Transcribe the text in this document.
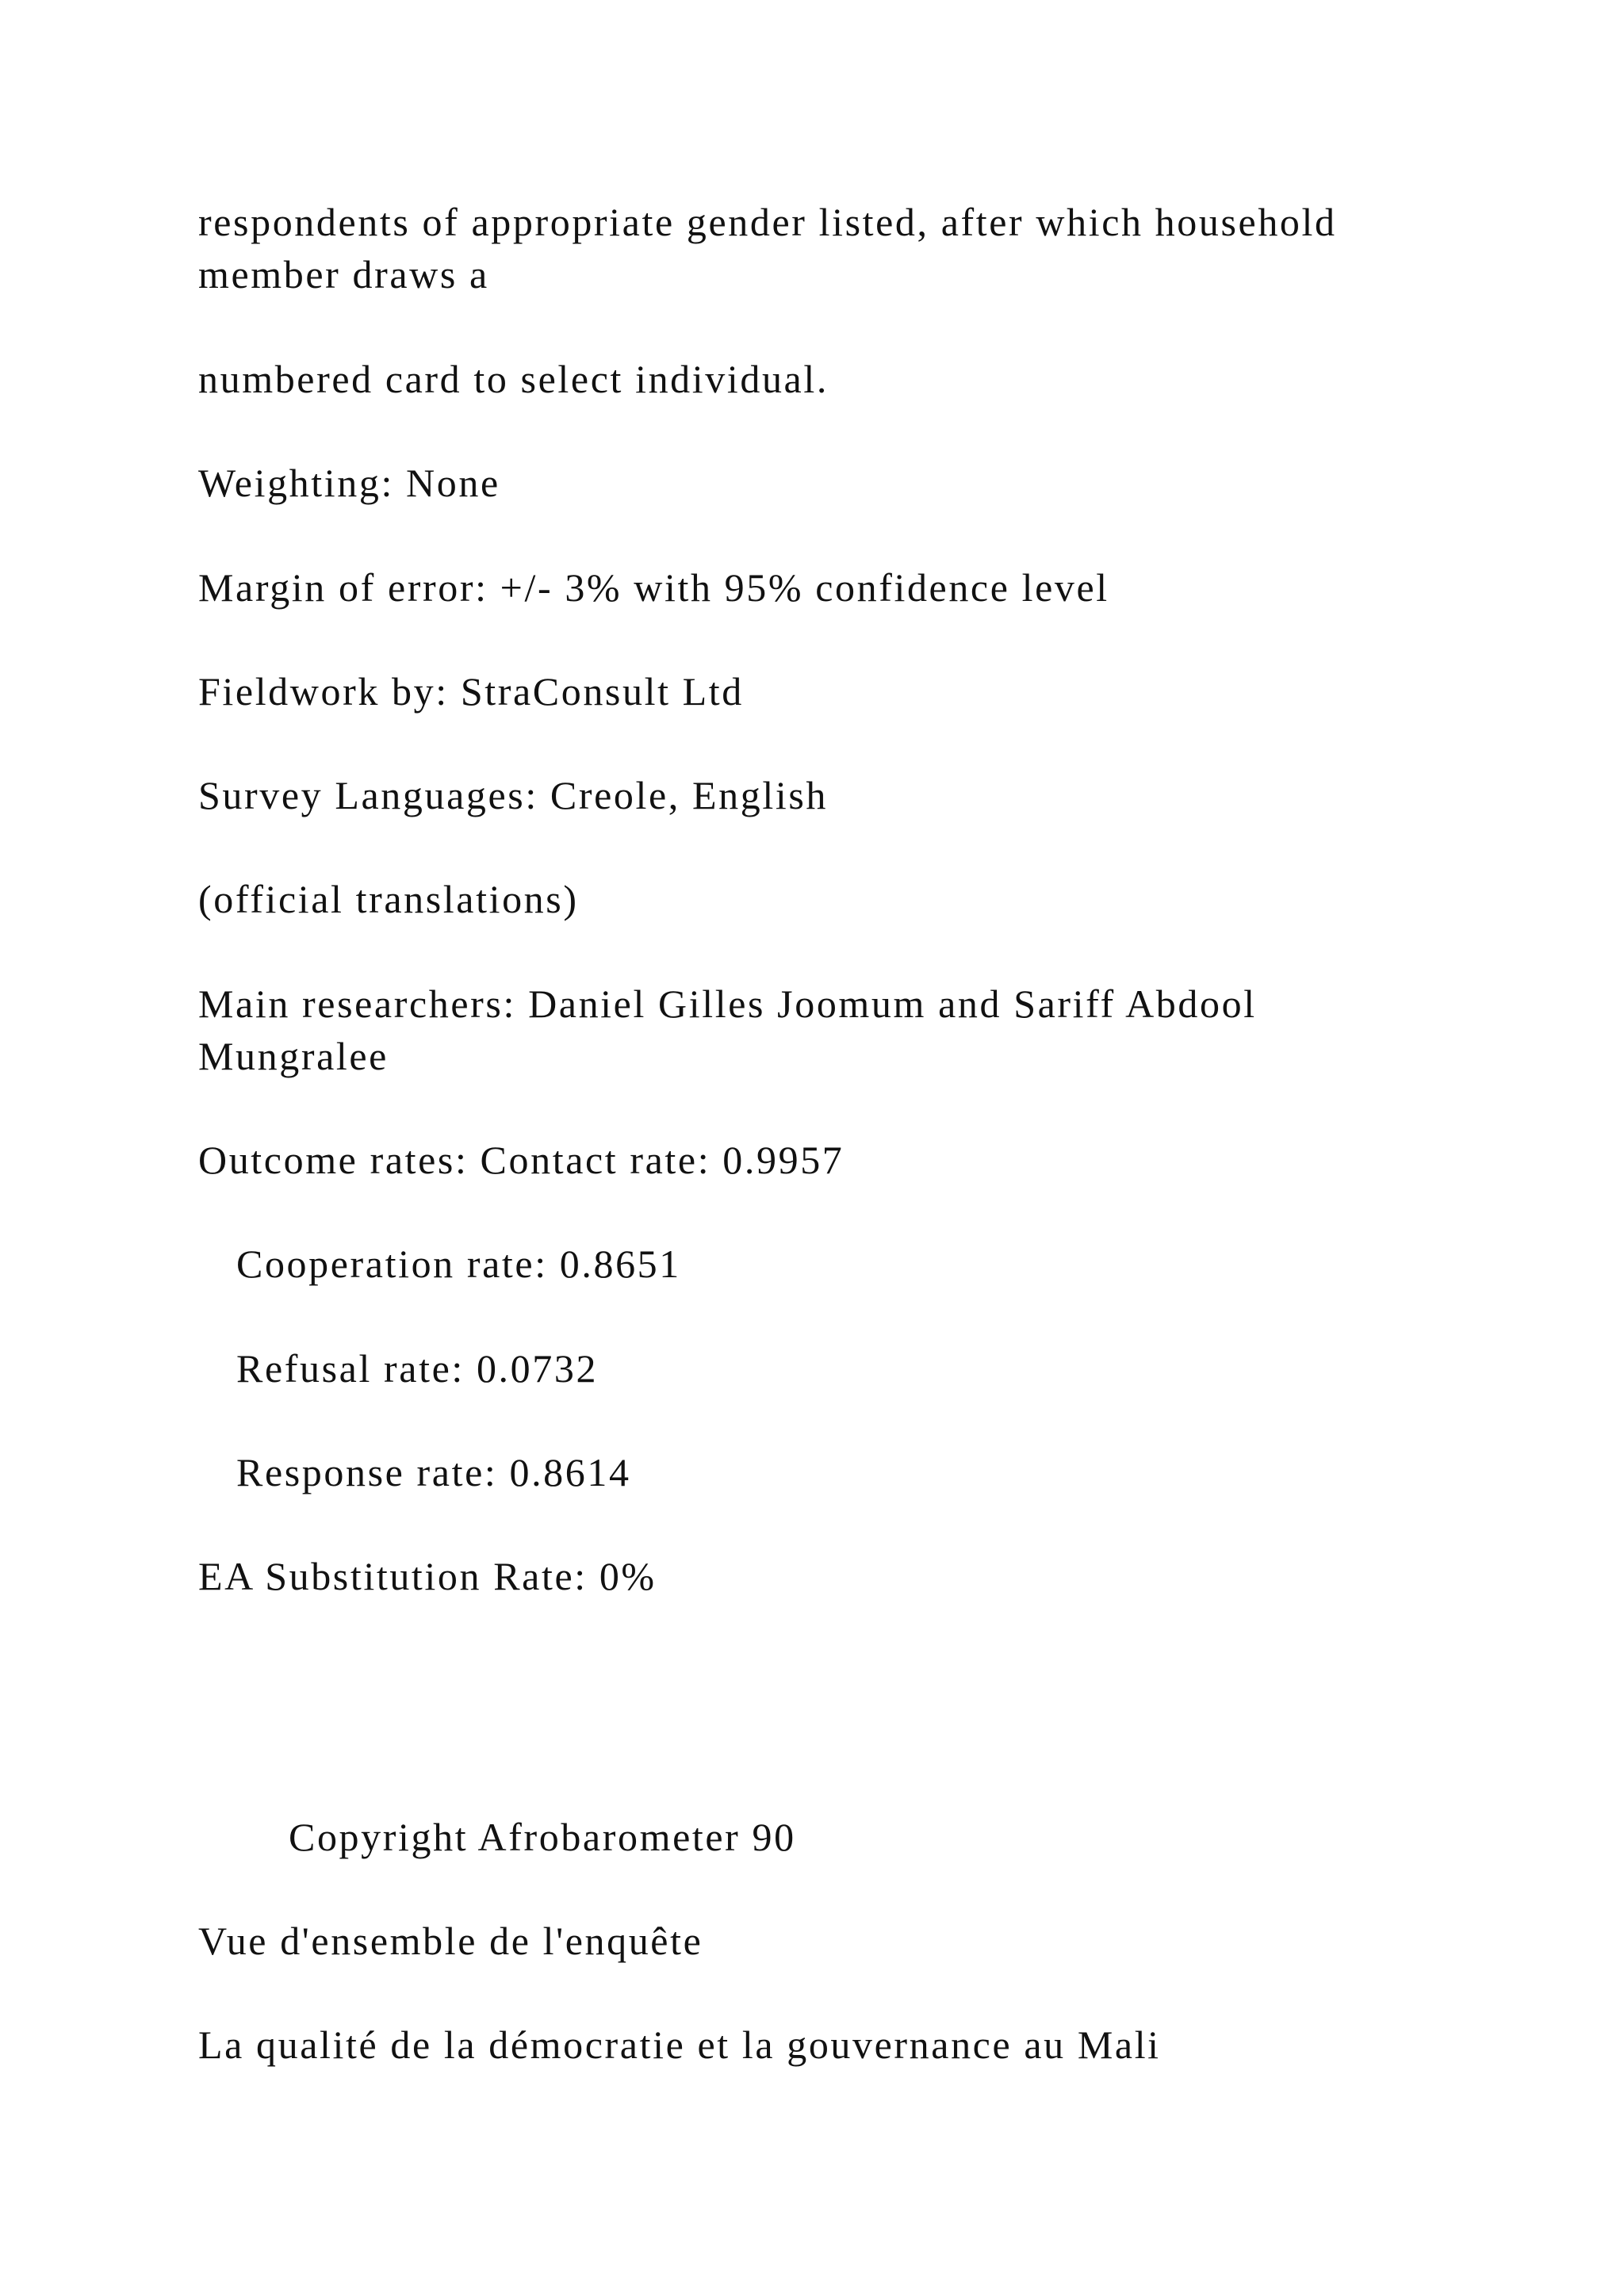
respondents of appropriate gender listed, after which household member draws a

numbered card to select individual.

Weighting: None

Margin of error: +/- 3% with 95% confidence level

Fieldwork by: StraConsult Ltd

Survey Languages: Creole, English

(official translations)

Main researchers: Daniel Gilles Joomum and Sariff Abdool Mungralee

Outcome rates: Contact rate: 0.9957

Cooperation rate: 0.8651

Refusal rate: 0.0732

Response rate: 0.8614

EA Substitution Rate: 0%

Copyright Afrobarometer 90

Vue d'ensemble de l'enquête

La qualité de la démocratie et la gouvernance au Mali
